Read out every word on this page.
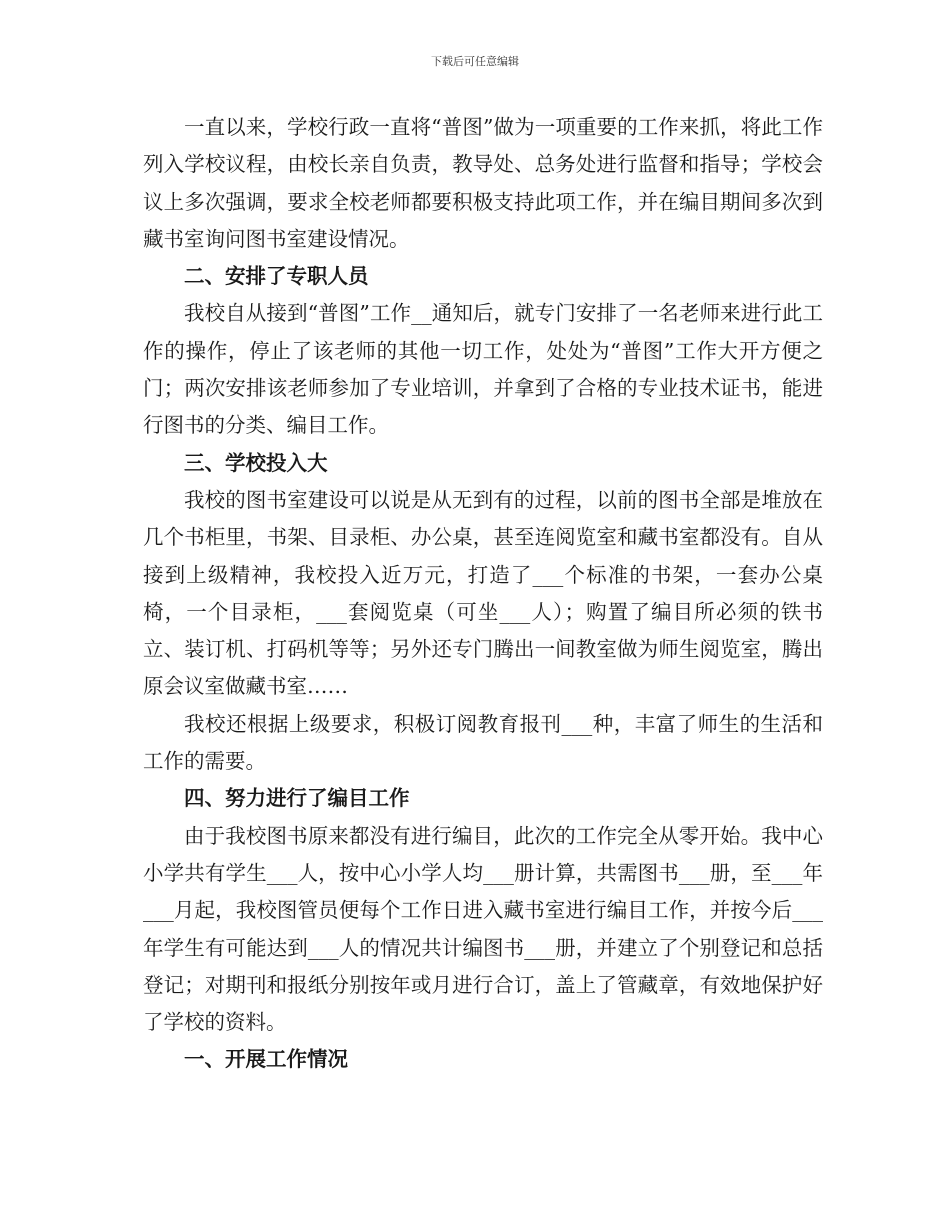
下载后可任意编辑

一直以来，学校行政一直将“普图”做为一项重要的工作来抓，将此工作列入学校议程，由校长亲自负责，教导处、总务处进行监督和指导；学校会议上多次强调，要求全校老师都要积极支持此项工作，并在编目期间多次到藏书室询问图书室建设情况。

二、安排了专职人员

我校自从接到“普图”工作__通知后，就专门安排了一名老师来进行此工作的操作，停止了该老师的其他一切工作，处处为“普图”工作大开方便之门；两次安排该老师参加了专业培训，并拿到了合格的专业技术证书，能进行图书的分类、编目工作。

三、学校投入大

我校的图书室建设可以说是从无到有的过程，以前的图书全部是堆放在几个书柜里，书架、目录柜、办公桌，甚至连阅览室和藏书室都没有。自从接到上级精神，我校投入近万元，打造了___个标准的书架，一套办公桌椅，一个目录柜，___套阅览桌（可坐___人）；购置了编目所必须的铁书立、装订机、打码机等等；另外还专门腾出一间教室做为师生阅览室，腾出原会议室做藏书室……

我校还根据上级要求，积极订阅教育报刊___种，丰富了师生的生活和工作的需要。

四、努力进行了编目工作

由于我校图书原来都没有进行编目，此次的工作完全从零开始。我中心小学共有学生___人，按中心小学人均___册计算，共需图书___册，至___年___月起，我校图管员便每个工作日进入藏书室进行编目工作，并按今后___年学生有可能达到___人的情况共计编图书___册，并建立了个别登记和总括登记；对期刊和报纸分别按年或月进行合订，盖上了管藏章，有效地保护好了学校的资料。

一、开展工作情况
